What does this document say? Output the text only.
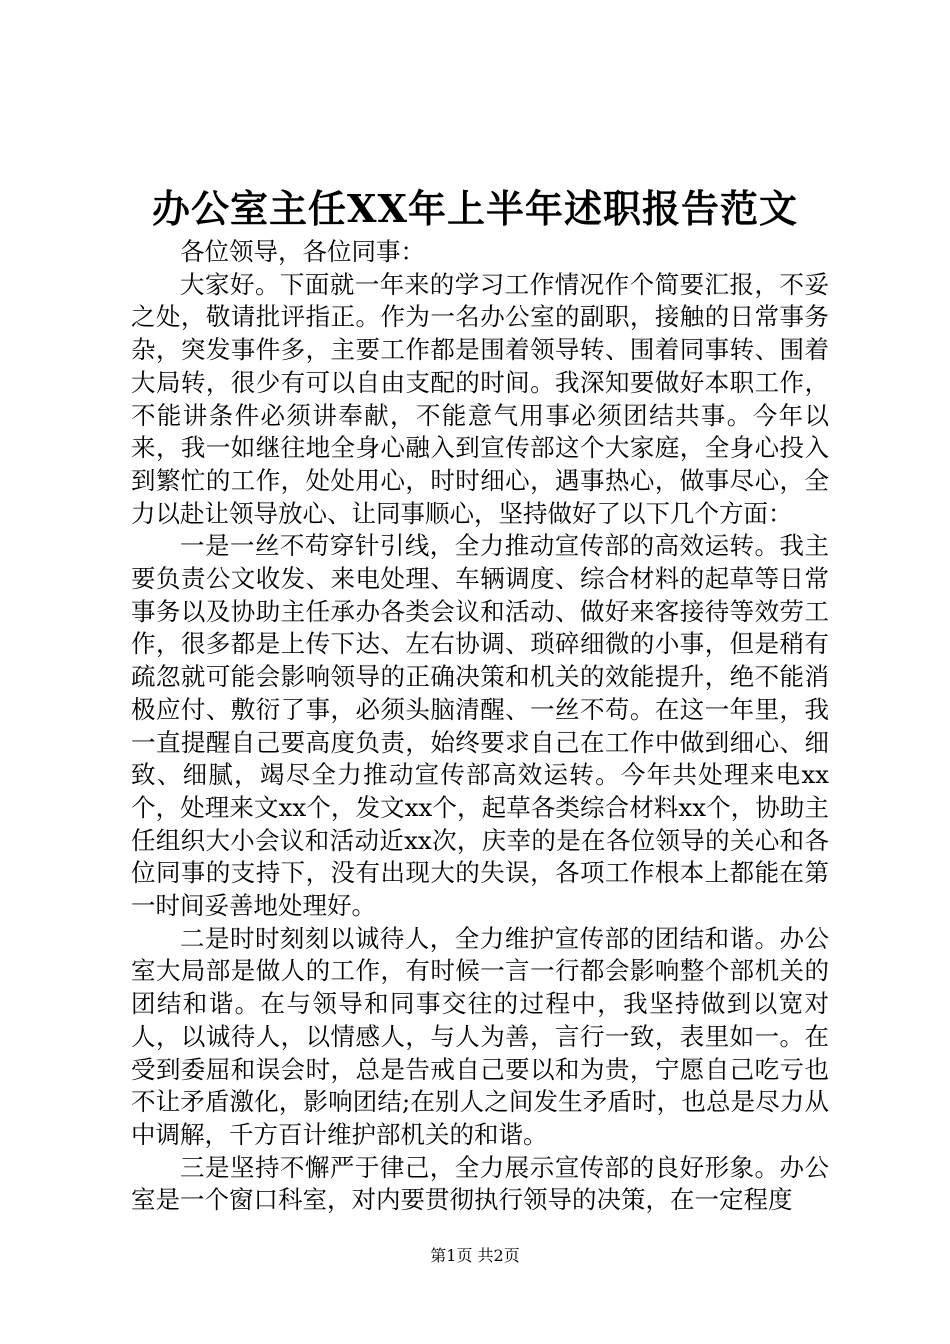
办公室主任XX年上半年述职报告范文

各位领导，各位同事：

大家好。下面就一年来的学习工作情况作个简要汇报，不妥之处，敬请批评指正。作为一名办公室的副职，接触的日常事务杂，突发事件多，主要工作都是围着领导转、围着同事转、围着大局转，很少有可以自由支配的时间。我深知要做好本职工作，不能讲条件必须讲奉献，不能意气用事必须团结共事。今年以来，我一如继往地全身心融入到宣传部这个大家庭，全身心投入到繁忙的工作，处处用心，时时细心，遇事热心，做事尽心，全力以赴让领导放心、让同事顺心，坚持做好了以下几个方面：

一是一丝不苟穿针引线，全力推动宣传部的高效运转。我主要负责公文收发、来电处理、车辆调度、综合材料的起草等日常事务以及协助主任承办各类会议和活动、做好来客接待等效劳工作，很多都是上传下达、左右协调、琐碎细微的小事，但是稍有疏忽就可能会影响领导的正确决策和机关的效能提升，绝不能消极应付、敷衍了事，必须头脑清醒、一丝不苟。在这一年里，我一直提醒自己要高度负责，始终要求自己在工作中做到细心、细致、细腻，竭尽全力推动宣传部高效运转。今年共处理来电xx个，处理来文xx个，发文xx个，起草各类综合材料xx个，协助主任组织大小会议和活动近xx次，庆幸的是在各位领导的关心和各位同事的支持下，没有出现大的失误，各项工作根本上都能在第一时间妥善地处理好。

二是时时刻刻以诚待人，全力维护宣传部的团结和谐。办公室大局部是做人的工作，有时候一言一行都会影响整个部机关的团结和谐。在与领导和同事交往的过程中，我坚持做到以宽对人，以诚待人，以情感人，与人为善，言行一致，表里如一。在受到委屈和误会时，总是告戒自己要以和为贵，宁愿自己吃亏也不让矛盾激化，影响团结;在别人之间发生矛盾时，也总是尽力从中调解，千方百计维护部机关的和谐。

三是坚持不懈严于律己，全力展示宣传部的良好形象。办公室是一个窗口科室，对内要贯彻执行领导的决策，在一定程度

第1页 共2页
